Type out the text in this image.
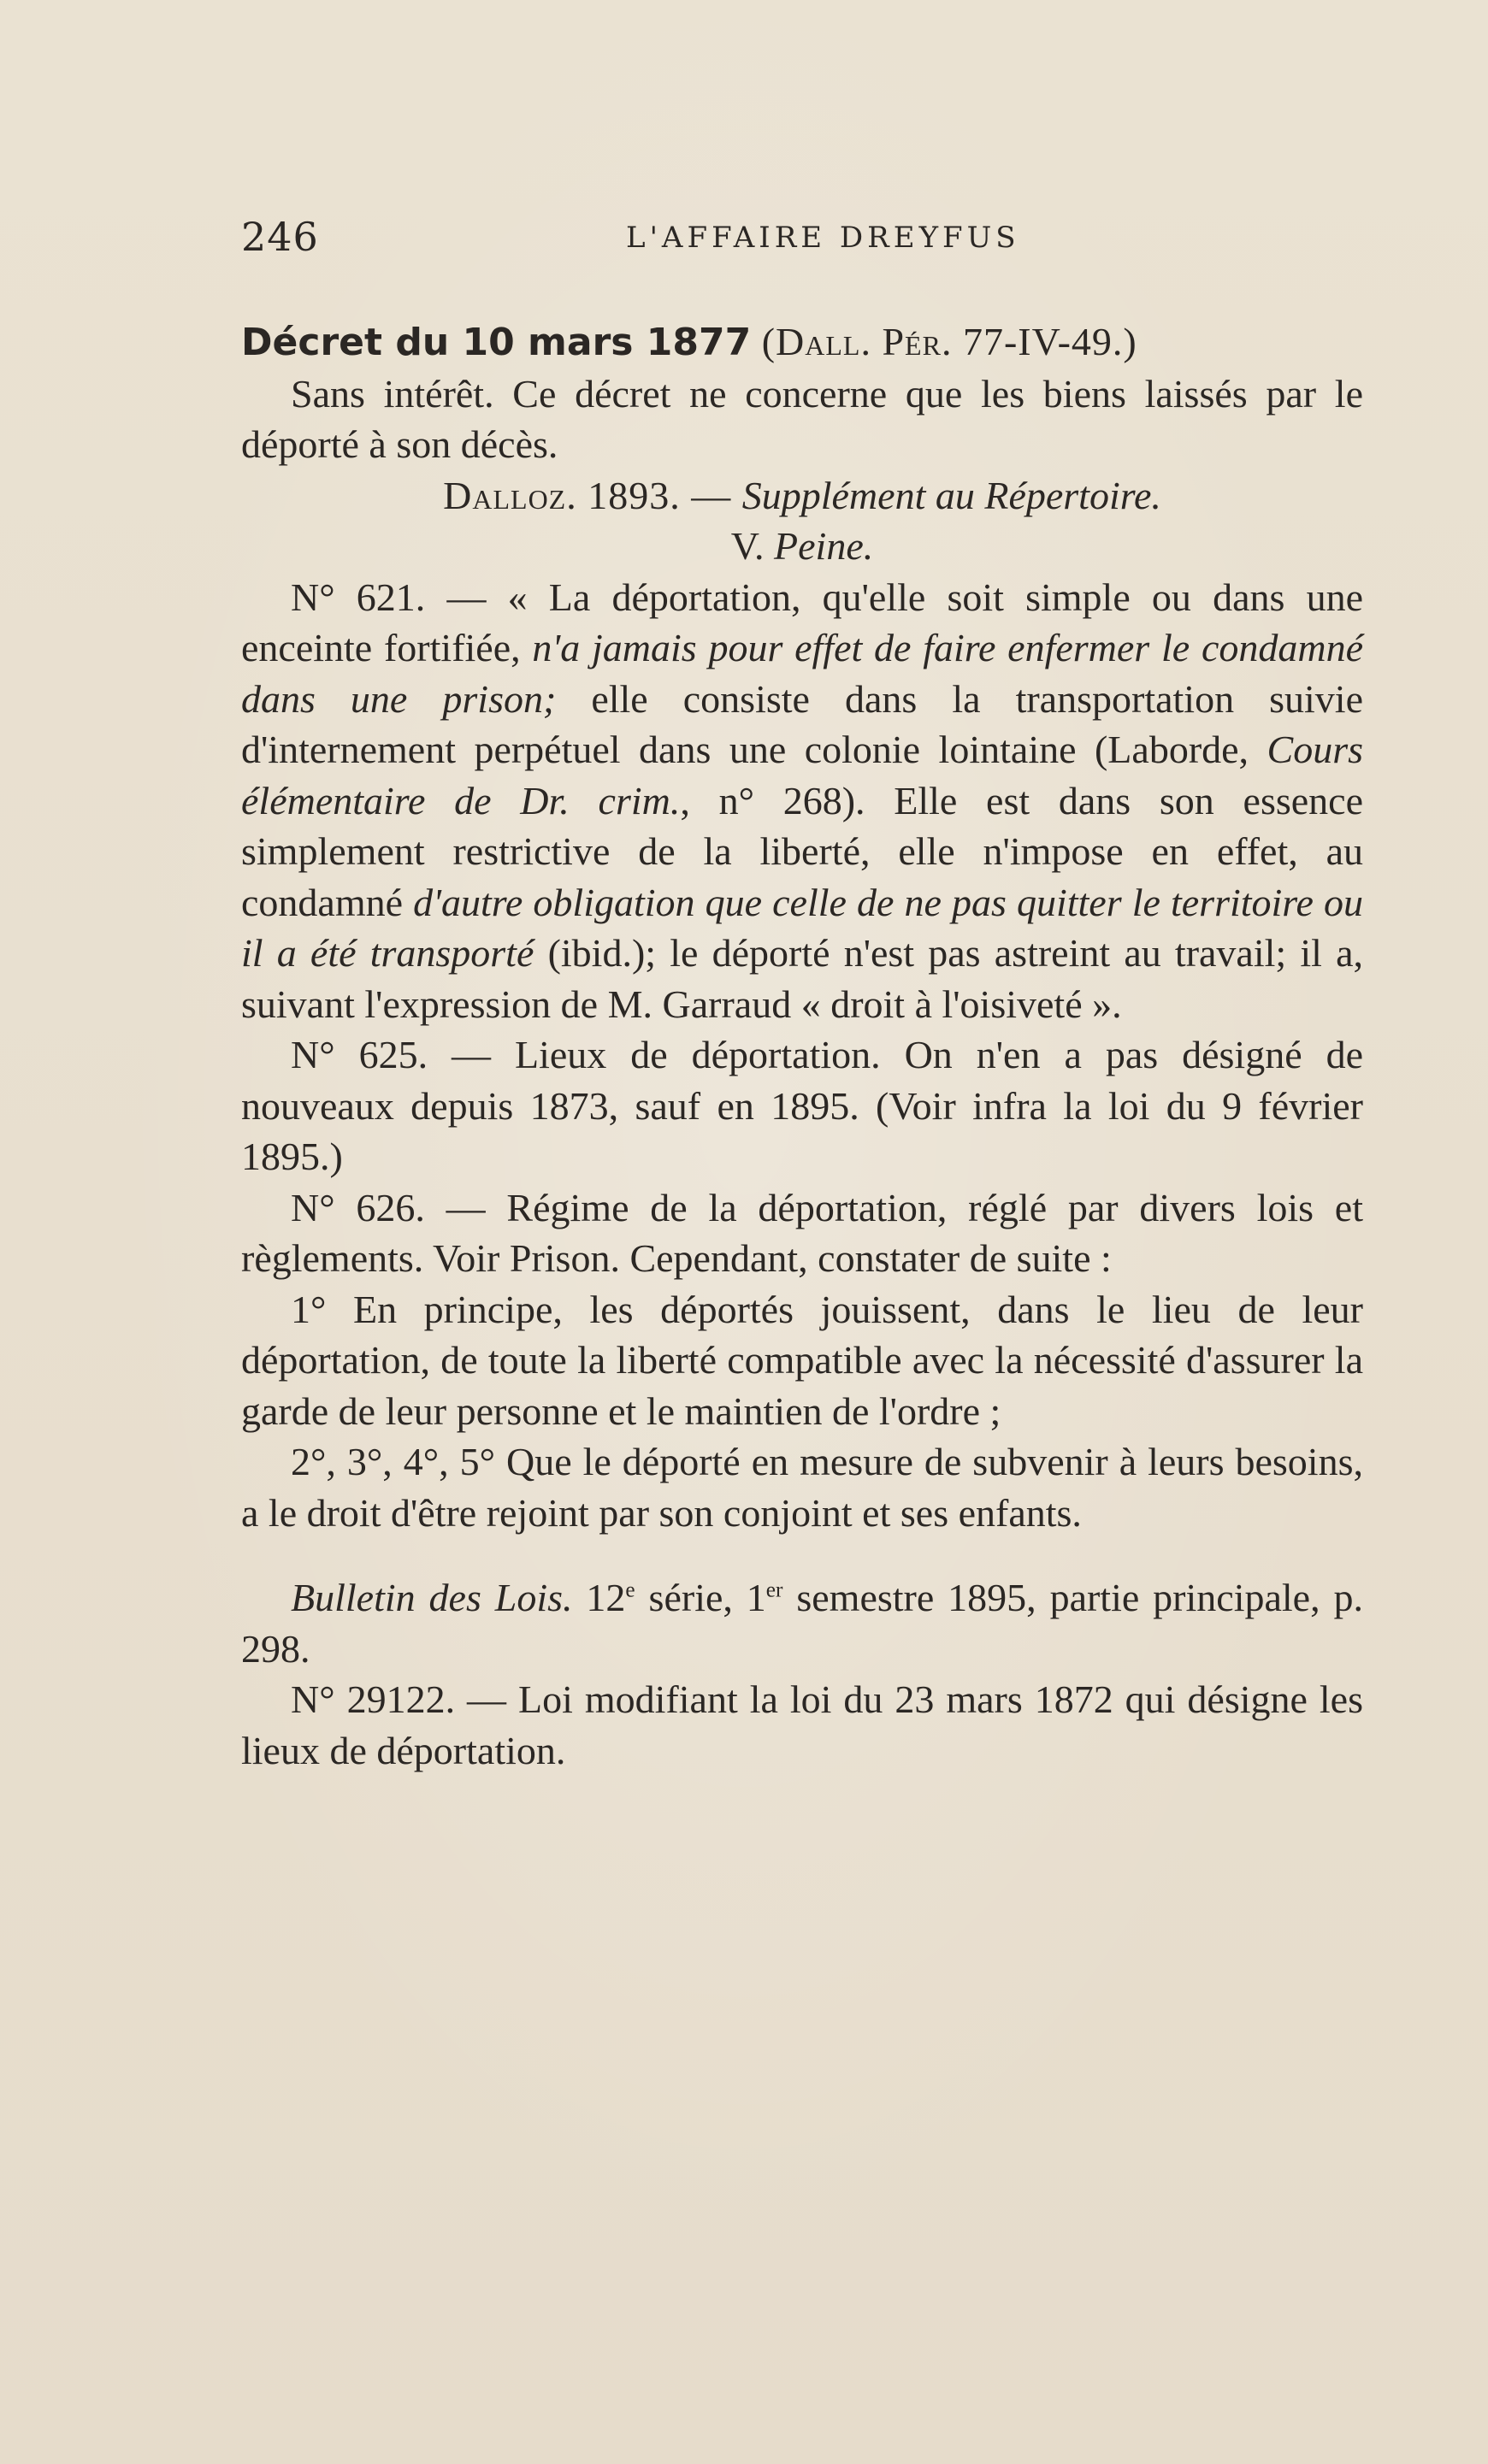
246	L'AFFAIRE DREYFUS

Décret du 10 mars 1877 (Dall. Pér. 77-IV-49.)

Sans intérêt. Ce décret ne concerne que les biens laissés par le déporté à son décès.

Dalloz. 1893. — Supplément au Répertoire.

V. Peine.

N° 621. — « La déportation, qu'elle soit simple ou dans une enceinte fortifiée, n'a jamais pour effet de faire enfermer le condamné dans une prison; elle consiste dans la transportation suivie d'internement perpétuel dans une colonie lointaine (Laborde, Cours élémentaire de Dr. crim., n° 268). Elle est dans son essence simplement restrictive de la liberté, elle n'impose en effet, au condamné d'autre obligation que celle de ne pas quitter le territoire ou il a été transporté (ibid.); le déporté n'est pas astreint au travail; il a, suivant l'expression de M. Garraud « droit à l'oisiveté ».

N° 625. — Lieux de déportation. On n'en a pas désigné de nouveaux depuis 1873, sauf en 1895. (Voir infra la loi du 9 février 1895.)

N° 626. — Régime de la déportation, réglé par divers lois et règlements. Voir Prison. Cependant, constater de suite :

1° En principe, les déportés jouissent, dans le lieu de leur déportation, de toute la liberté compatible avec la nécessité d'assurer la garde de leur personne et le maintien de l'ordre ;

2°, 3°, 4°, 5° Que le déporté en mesure de subvenir à leurs besoins, a le droit d'être rejoint par son conjoint et ses enfants.

Bulletin des Lois. 12e série, 1er semestre 1895, partie principale, p. 298.

N° 29122. — Loi modifiant la loi du 23 mars 1872 qui désigne les lieux de déportation.
